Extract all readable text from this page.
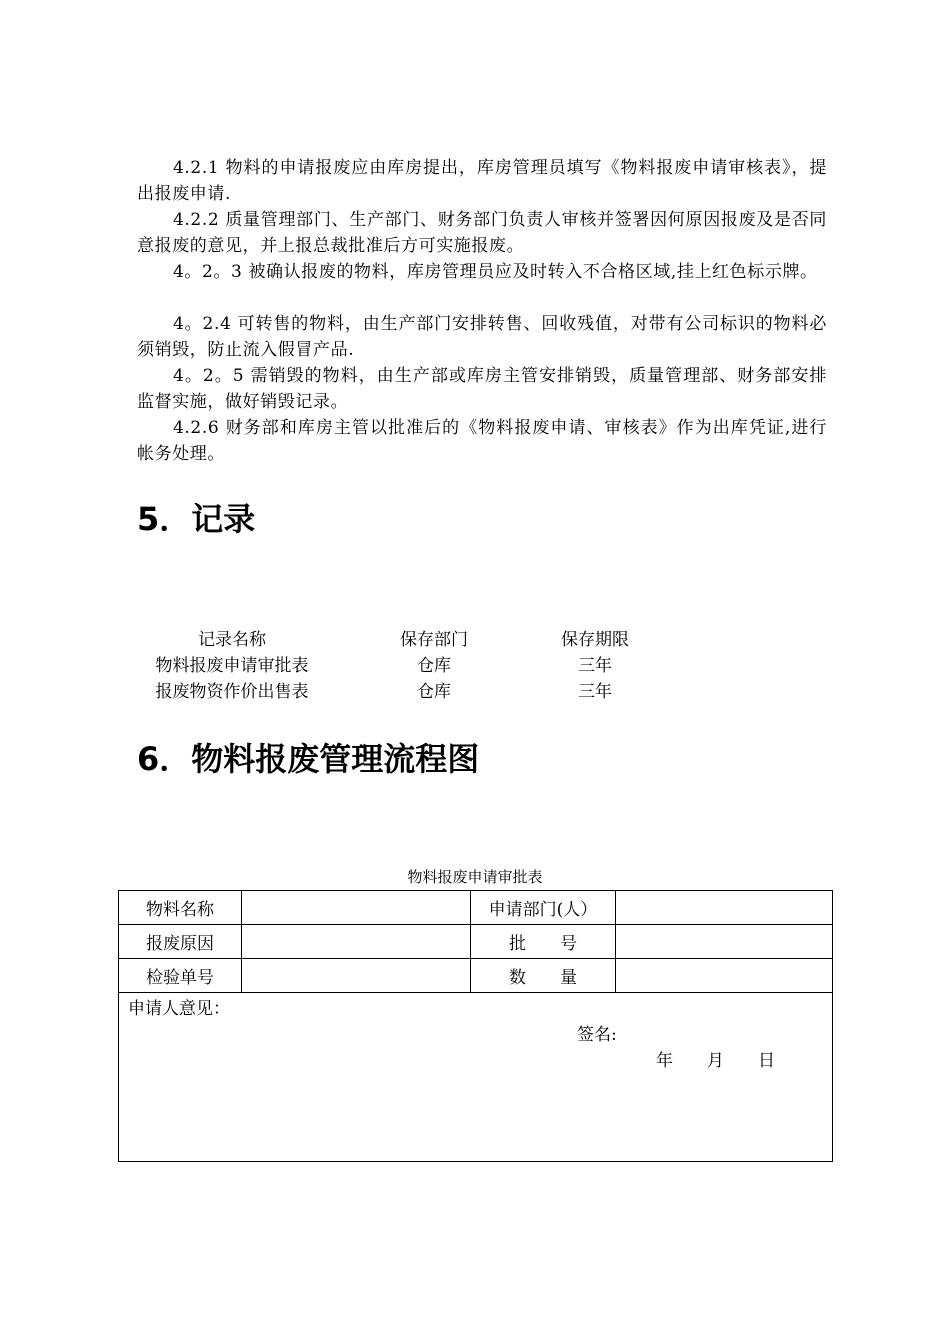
4.2.1 物料的申请报废应由库房提出，库房管理员填写《物料报废申请审核表》，提出报废申请.
4.2.2 质量管理部门、生产部门、财务部门负责人审核并签署因何原因报废及是否同意报废的意见，并上报总裁批准后方可实施报废。
4。2。3 被确认报废的物料，库房管理员应及时转入不合格区域,挂上红色标示牌。
4。2.4 可转售的物料，由生产部门安排转售、回收残值，对带有公司标识的物料必须销毁，防止流入假冒产品.
4。2。5 需销毁的物料，由生产部或库房主管安排销毁，质量管理部、财务部安排监督实施，做好销毁记录。
4.2.6 财务部和库房主管以批准后的《物料报废申请、审核表》作为出库凭证,进行帐务处理。
5．记录
记录名称	保存部门	保存期限
物料报废申请审批表	仓库	三年
报废物资作价出售表	仓库	三年
6．物料报废管理流程图
物料报废申请审批表
物料名称		申请部门(人）	
报废原因		批　　号	
检验单号		数　　量	

申请人意见：
签名:
年　　月　　日			
